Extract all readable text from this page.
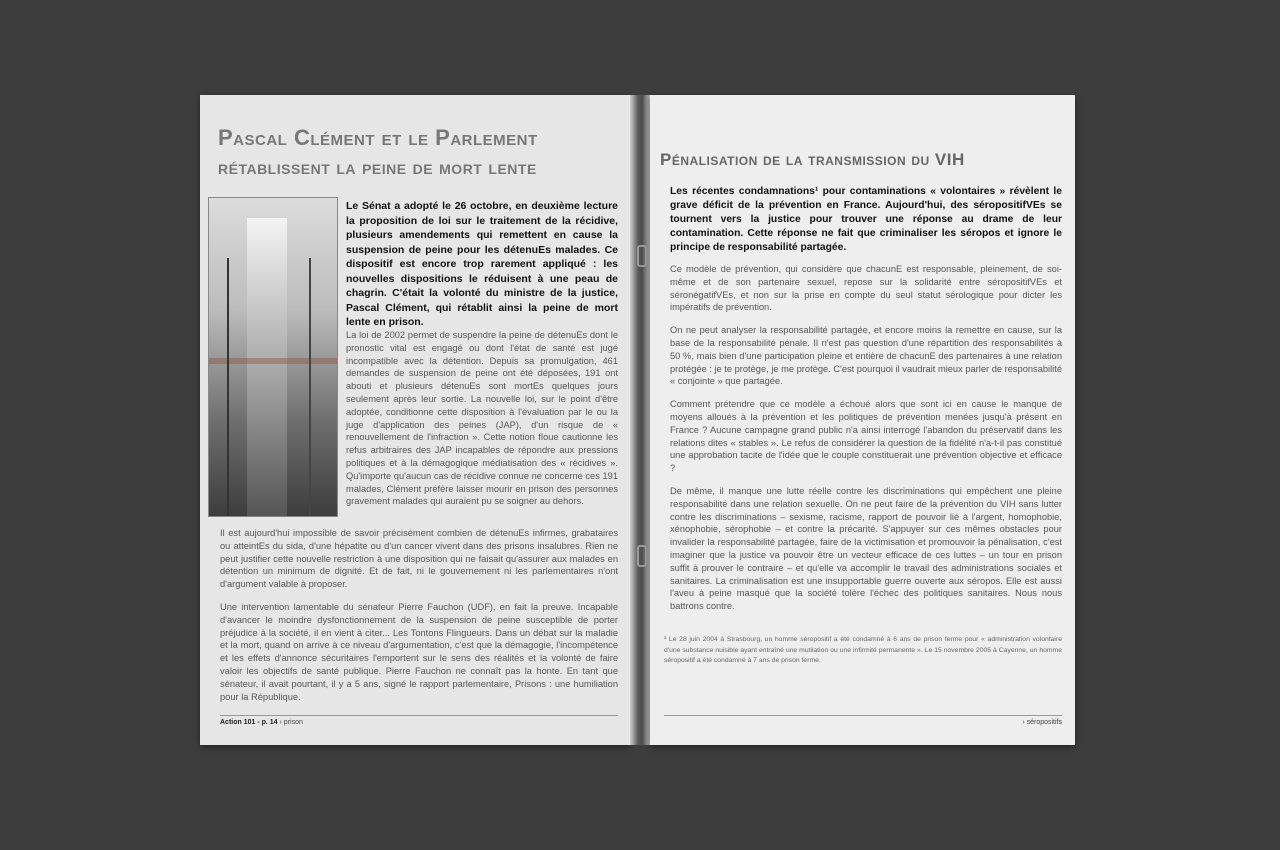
Pascal Clément et le Parlement
rétablissent la peine de mort lente
Le Sénat a adopté le 26 octobre, en deuxième lecture la proposition de loi sur le traitement de la récidive, plusieurs amendements qui remettent en cause la suspension de peine pour les détenuEs malades. Ce dispositif est encore trop rarement appliqué : les nouvelles dispositions le réduisent à une peau de chagrin. C'était la volonté du ministre de la justice, Pascal Clément, qui rétablit ainsi la peine de mort lente en prison.

La loi de 2002 permet de suspendre la peine de détenuEs dont le pronostic vital est engagé ou dont l'état de santé est jugé incompatible avec la détention. Depuis sa promulgation, 461 demandes de suspension de peine ont été déposées, 191 ont abouti et plusieurs détenuEs sont mortEs quelques jours seulement après leur sortie. La nouvelle loi, sur le point d'être adoptée, conditionne cette disposition à l'évaluation par le ou la juge d'application des peines (JAP), d'un risque de « renouvellement de l'infraction ». Cette notion floue cautionne les refus arbitraires des JAP incapables de répondre aux pressions politiques et à la démagogique médiatisation des « récidives ». Qu'importe qu'aucun cas de récidive connue ne concerne ces 191 malades, Clément préfère laisser mourir en prison des personnes gravement malades qui auraient pu se soigner au dehors.

Il est aujourd'hui impossible de savoir précisément combien de détenuEs infirmes, grabataires ou atteintEs du sida, d'une hépatite ou d'un cancer vivent dans des prisons insalubres. Rien ne peut justifier cette nouvelle restriction à une disposition qui ne faisait qu'assurer aux malades en détention un minimum de dignité. Et de fait, ni le gouvernement ni les parlementaires n'ont d'argument valable à proposer.

Une intervention lamentable du sénateur Pierre Fauchon (UDF), en fait la preuve. Incapable d'avancer le moindre dysfonctionnement de la suspension de peine susceptible de porter préjudice à la société, il en vient à citer... Les Tontons Flingueurs. Dans un débat sur la maladie et la mort, quand on arrive à ce niveau d'argumentation, c'est que la démagogie, l'incompétence et les effets d'annonce sécuritaires l'emportent sur le sens des réalités et la volonté de faire valoir les objectifs de santé publique. Pierre Fauchon ne connaît pas la honte. En tant que sénateur, il avait pourtant, il y a 5 ans, signé le rapport parlementaire, Prisons : une humiliation pour la République.

Action 101 - p. 14 › prison
Pénalisation de la transmission du VIH
Les récentes condamnations¹ pour contaminations « volontaires » révèlent le grave déficit de la prévention en France. Aujourd'hui, des séropositifVEs se tournent vers la justice pour trouver une réponse au drame de leur contamination. Cette réponse ne fait que criminaliser les séropos et ignore le principe de responsabilité partagée.

Ce modèle de prévention, qui considère que chacunE est responsable, pleinement, de soi-même et de son partenaire sexuel, repose sur la solidarité entre séropositifVEs et séronégatifVEs, et non sur la prise en compte du seul statut sérologique pour dicter les impératifs de prévention.

On ne peut analyser la responsabilité partagée, et encore moins la remettre en cause, sur la base de la responsabilité pénale. Il n'est pas question d'une répartition des responsabilités à 50 %, mais bien d'une participation pleine et entière de chacunE des partenaires à une relation protégée : je te protège, je me protège. C'est pourquoi il vaudrait mieux parler de responsabilité « conjointe » que partagée.

Comment prétendre que ce modèle a échoué alors que sont ici en cause le manque de moyens alloués à la prévention et les politiques de prévention menées jusqu'à présent en France ? Aucune campagne grand public n'a ainsi interrogé l'abandon du préservatif dans les relations dites « stables ». Le refus de considérer la question de la fidélité n'a-t-il pas constitué une approbation tacite de l'idée que le couple constituerait une prévention objective et efficace ?

De même, il manque une lutte réelle contre les discriminations qui empêchent une pleine responsabilité dans une relation sexuelle. On ne peut faire de la prévention du VIH sans lutter contre les discriminations – sexisme, racisme, rapport de pouvoir lié à l'argent, homophobie, xénophobie, sérophobie – et contre la précarité. S'appuyer sur ces mêmes obstacles pour invalider la responsabilité partagée, faire de la victimisation et promouvoir la pénalisation, c'est imaginer que la justice va pouvoir être un vecteur efficace de ces luttes – un tour en prison suffit à prouver le contraire – et qu'elle va accomplir le travail des administrations sociales et sanitaires. La criminalisation est une insupportable guerre ouverte aux séropos. Elle est aussi l'aveu à peine masqué que la société tolère l'échec des politiques sanitaires. Nous nous battrons contre.

¹ Le 28 juin 2004 à Strasbourg, un homme séropositif a été condamné à 6 ans de prison ferme pour « administration volontaire d'une substance nuisible ayant entraîné une mutilation ou une infirmité permanente ». Le 15 novembre 2005 à Cayenne, un homme séropositif a été condamné à 7 ans de prison ferme.
› séropositifs
